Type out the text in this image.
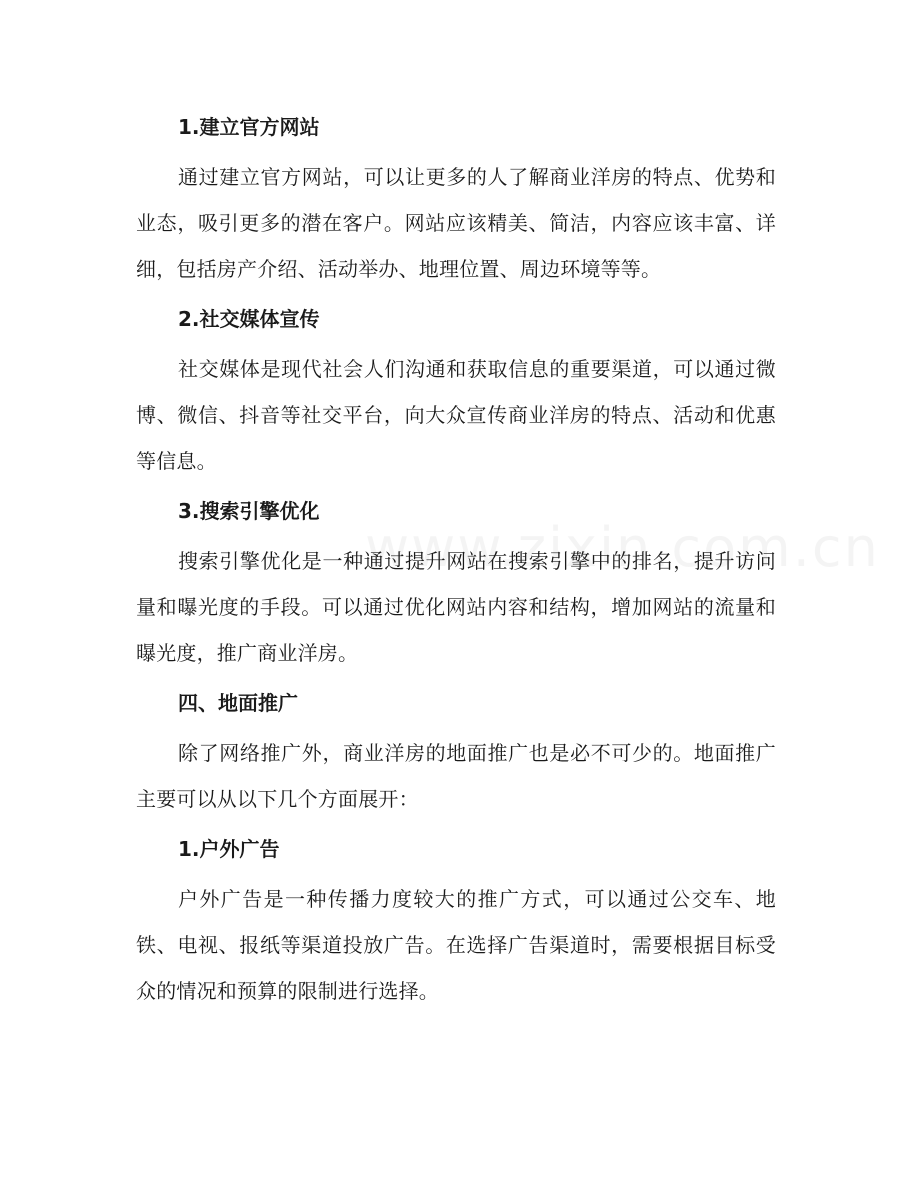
1.建立官方网站

通过建立官方网站，可以让更多的人了解商业洋房的特点、优势和业态，吸引更多的潜在客户。网站应该精美、简洁，内容应该丰富、详细，包括房产介绍、活动举办、地理位置、周边环境等等。

2.社交媒体宣传

社交媒体是现代社会人们沟通和获取信息的重要渠道，可以通过微博、微信、抖音等社交平台，向大众宣传商业洋房的特点、活动和优惠等信息。

3.搜索引擎优化

搜索引擎优化是一种通过提升网站在搜索引擎中的排名，提升访问量和曝光度的手段。可以通过优化网站内容和结构，增加网站的流量和曝光度，推广商业洋房。

四、地面推广

除了网络推广外，商业洋房的地面推广也是必不可少的。地面推广主要可以从以下几个方面展开：

1.户外广告

户外广告是一种传播力度较大的推广方式，可以通过公交车、地铁、电视、报纸等渠道投放广告。在选择广告渠道时，需要根据目标受众的情况和预算的限制进行选择。
